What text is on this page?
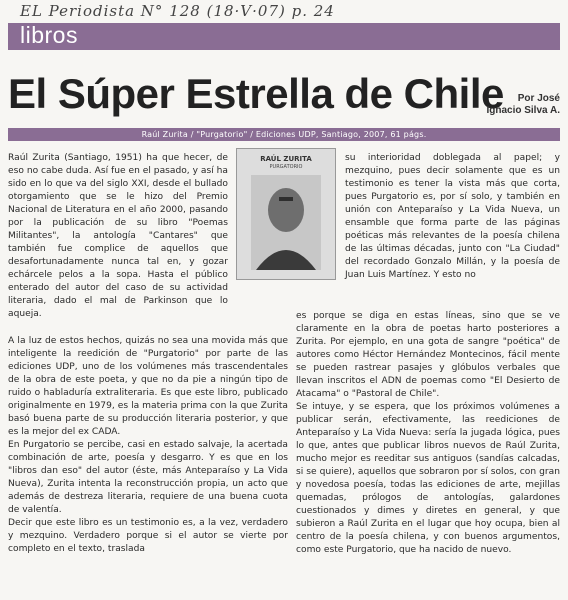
EL Periodista N° 128 (18·V·07) p. 24
libros
El Súper Estrella de Chile	Por José
Ignacio Silva A.
Raúl Zurita / "Purgatorio" / Ediciones UDP, Santiago, 2007, 61 págs.

Raúl Zurita (Santiago, 1951) ha que hecer, de eso no cabe duda. Así fue en el pasado, y así ha sido en lo que va del siglo XXI, desde el bullado otorgamiento que se le hizo del Premio Nacional de Literatura en el año 2000, pasando por la publicación de su libro "Poemas Militantes", la antología "Cantares" que también fue complice de aquellos que desafortunadamente nunca tal en, y gozar echárcele pelos a la sopa. Hasta el público enterado del autor del caso de su actividad literaria, dado el mal de Parkinson que lo aqueja.

RAÚL ZURITA
PURGATORIO

A la luz de estos hechos, quizás no sea una movida más que inteligente la reedición de "Purgatorio" por parte de las ediciones UDP, uno de los volúmenes más trascendentales de la obra de este poeta, y que no da pie a ningún tipo de ruido o habladuría extraliteraria. Es que este libro, publicado originalmente en 1979, es la materia prima con la que Zurita basó buena parte de su producción literaria posterior, y que es la mejor del ex CADA.

En Purgatorio se percibe, casi en estado salvaje, la acertada combinación de arte, poesía y desgarro. Y es que en los "libros dan eso" del autor (éste, más Anteparaíso y La Vida Nueva), Zurita intenta la reconstrucción propia, un acto que además de destreza literaria, requiere de una buena cuota de valentía.

Decir que este libro es un testimonio es, a la vez, verdadero y mezquino. Verdadero porque si el autor se vierte por completo en el texto, traslada

su interioridad doblegada al papel; y mezquino, pues decir solamente que es un testimonio es tener la vista más que corta, pues Purgatorio es, por sí solo, y también en unión con Anteparaíso y La Vida Nueva, un ensamble que forma parte de las páginas poéticas más relevantes de la poesía chilena de las últimas décadas, junto con "La Ciudad" del recordado Gonzalo Millán, y la poesía de Juan Luis Martínez. Y esto no

es porque se diga en estas líneas, sino que se ve claramente en la obra de poetas harto posteriores a Zurita. Por ejemplo, en una gota de sangre "poética" de autores como Héctor Hernández Montecinos, fácil mente se pueden rastrear pasajes y glóbulos verbales que llevan inscritos el ADN de poemas como "El Desierto de Atacama" o "Pastoral de Chile".

Se intuye, y se espera, que los próximos volúmenes a publicar serán, efectivamente, las reediciones de Anteparaíso y La Vida Nueva: sería la jugada lógica, pues lo que, antes que publicar libros nuevos de Raúl Zurita, mucho mejor es reeditar sus antiguos (sandías calcadas, si se quiere), aquellos que sobraron por sí solos, con gran y novedosa poesía, todas las ediciones de arte, mejillas quemadas, prólogos de antologías, galardones cuestionados y dimes y diretes en general, y que subieron a Raúl Zurita en el lugar que hoy ocupa, bien al centro de la poesía chilena, y con buenos argumentos, como este Purgatorio, que ha nacido de nuevo.
